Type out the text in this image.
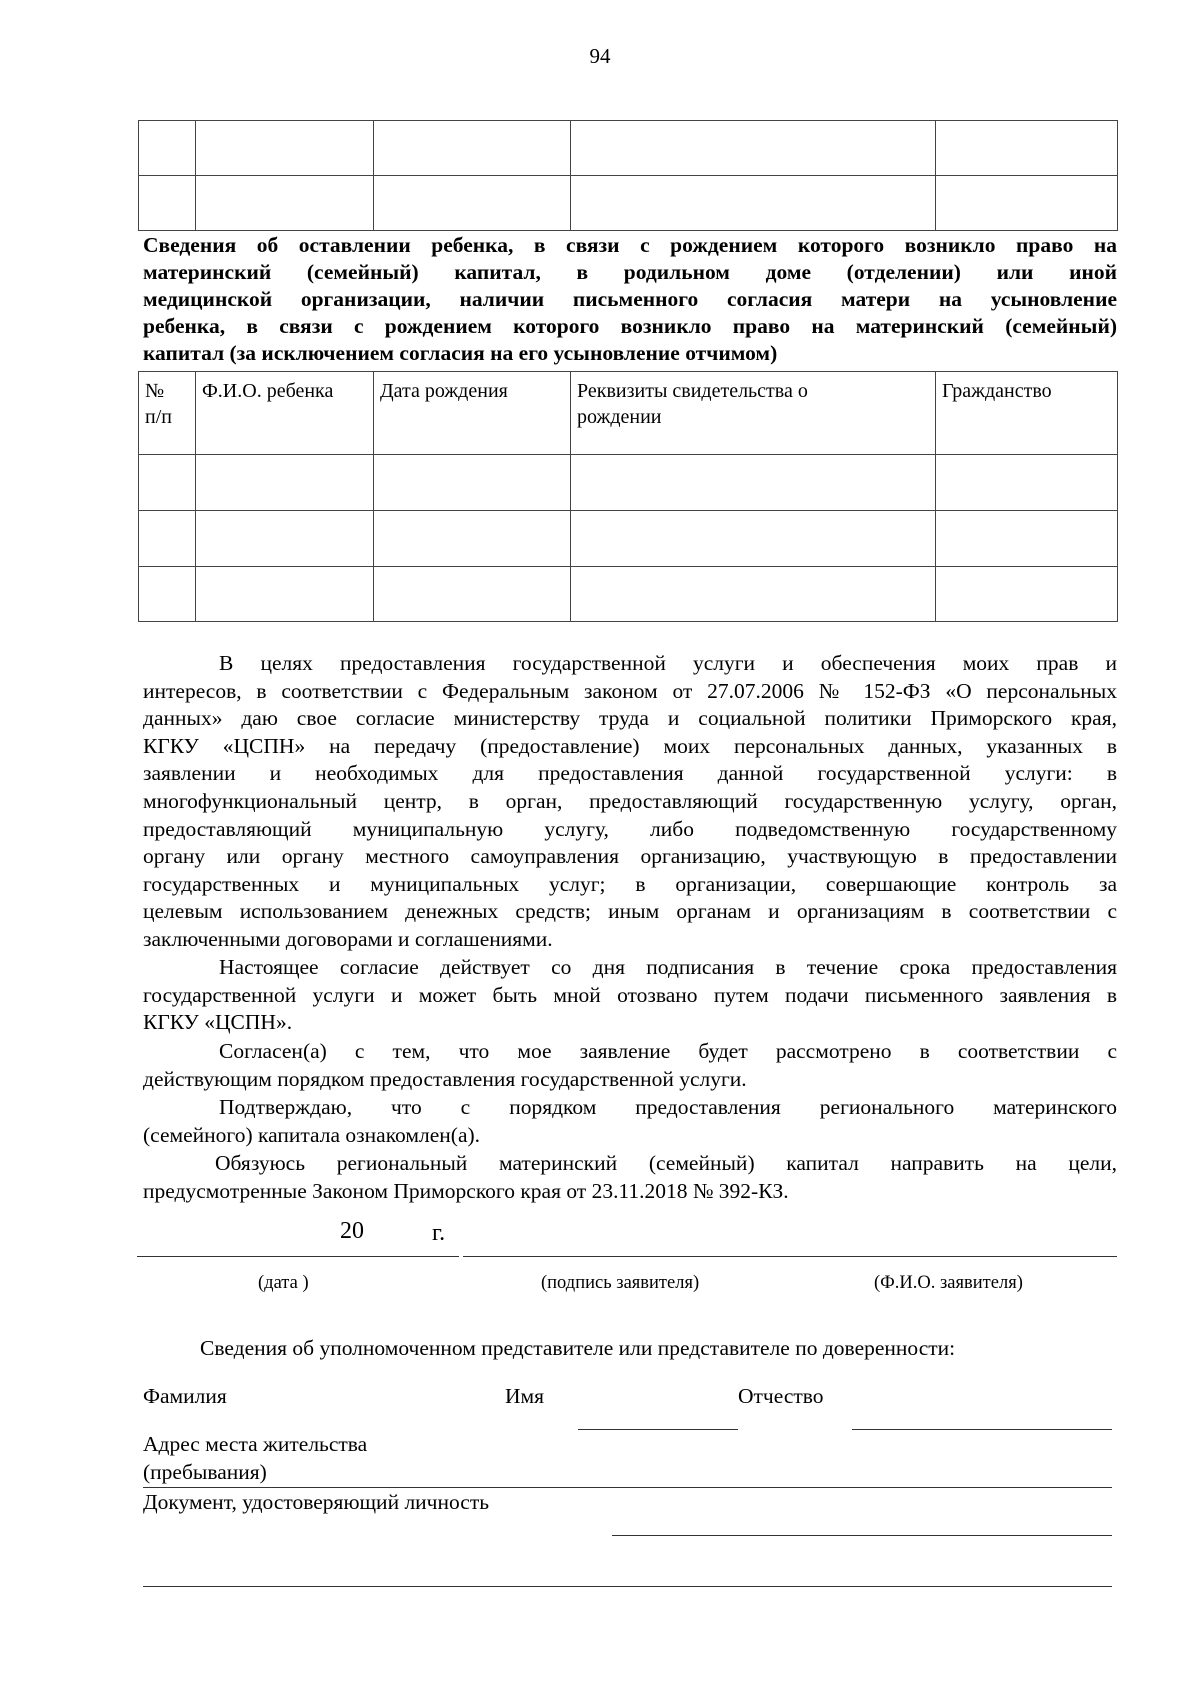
94

Сведения об оставлении ребенка, в связи с рождением которого возникло право на
материнский (семейный) капитал, в родильном доме (отделении) или иной
медицинской организации, наличии письменного согласия матери на усыновление
ребенка, в связи с рождением которого возникло право на материнский (семейный)
капитал (за исключением согласия на его усыновление отчимом)
№ п/п	Ф.И.О. ребенка	Дата рождения	Реквизиты свидетельства о рождении	Гражданство

В целях предоставления государственной услуги и обеспечения моих прав и
интересов, в соответствии с Федеральным законом от 27.07.2006 № 152-ФЗ «О персональных
данных» даю свое согласие министерству труда и социальной политики Приморского края,
КГКУ «ЦСПН» на передачу (предоставление) моих персональных данных, указанных в
заявлении и необходимых для предоставления данной государственной услуги: в
многофункциональный центр, в орган, предоставляющий государственную услугу, орган,
предоставляющий муниципальную услугу, либо подведомственную государственному
органу или органу местного самоуправления организацию, участвующую в предоставлении
государственных и муниципальных услуг; в организации, совершающие контроль за
целевым использованием денежных средств; иным органам и организациям в соответствии с
заключенными договорами и соглашениями.
Настоящее согласие действует со дня подписания в течение срока предоставления
государственной услуги и может быть мной отозвано путем подачи письменного заявления в
КГКУ «ЦСПН».
Согласен(а) с тем, что мое заявление будет рассмотрено в соответствии с
действующим порядком предоставления государственной услуги.
Подтверждаю, что с порядком предоставления регионального материнского
(семейного) капитала ознакомлен(а).
Обязуюсь региональный материнский (семейный) капитал направить на цели,
предусмотренные Законом Приморского края от 23.11.2018 № 392-КЗ.
20	г.
(дата )	(подпись заявителя)	(Ф.И.О. заявителя)
Сведения об уполномоченном представителе или представителе по доверенности:
Фамилия	Имя	Отчество
Адрес места жительства
(пребывания)
Документ, удостоверяющий личность
